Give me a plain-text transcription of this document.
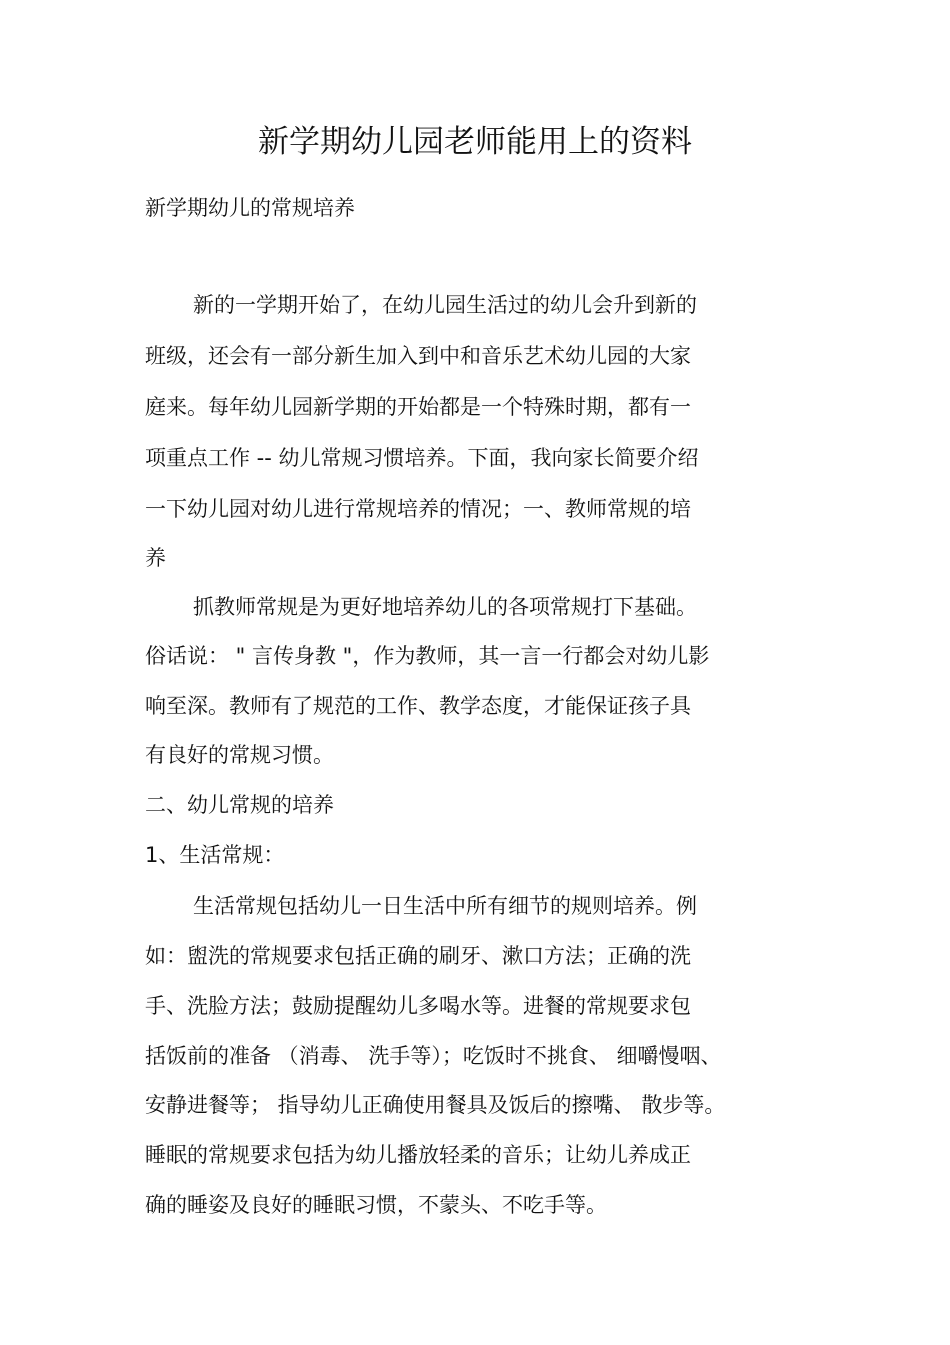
新学期幼儿园老师能用上的资料
新学期幼儿的常规培养
新的一学期开始了，在幼儿园生活过的幼儿会升到新的
班级，还会有一部分新生加入到中和音乐艺术幼儿园的大家
庭来。每年幼儿园新学期的开始都是一个特殊时期，都有一
项重点工作 -- 幼儿常规习惯培养。下面，我向家长简要介绍
一下幼儿园对幼儿进行常规培养的情况；一、教师常规的培
养
抓教师常规是为更好地培养幼儿的各项常规打下基础。
俗话说： " 言传身教 "，作为教师，其一言一行都会对幼儿影
响至深。教师有了规范的工作、教学态度，才能保证孩子具
有良好的常规习惯。
二、幼儿常规的培养
1、生活常规：
生活常规包括幼儿一日生活中所有细节的规则培养。例
如：盥洗的常规要求包括正确的刷牙、漱口方法；正确的洗
手、洗脸方法；鼓励提醒幼儿多喝水等。进餐的常规要求包
括饭前的准备 （消毒、 洗手等）；吃饭时不挑食、 细嚼慢咽、
安静进餐等； 指导幼儿正确使用餐具及饭后的擦嘴、 散步等。
睡眠的常规要求包括为幼儿播放轻柔的音乐；让幼儿养成正
确的睡姿及良好的睡眠习惯，不蒙头、不吃手等。
